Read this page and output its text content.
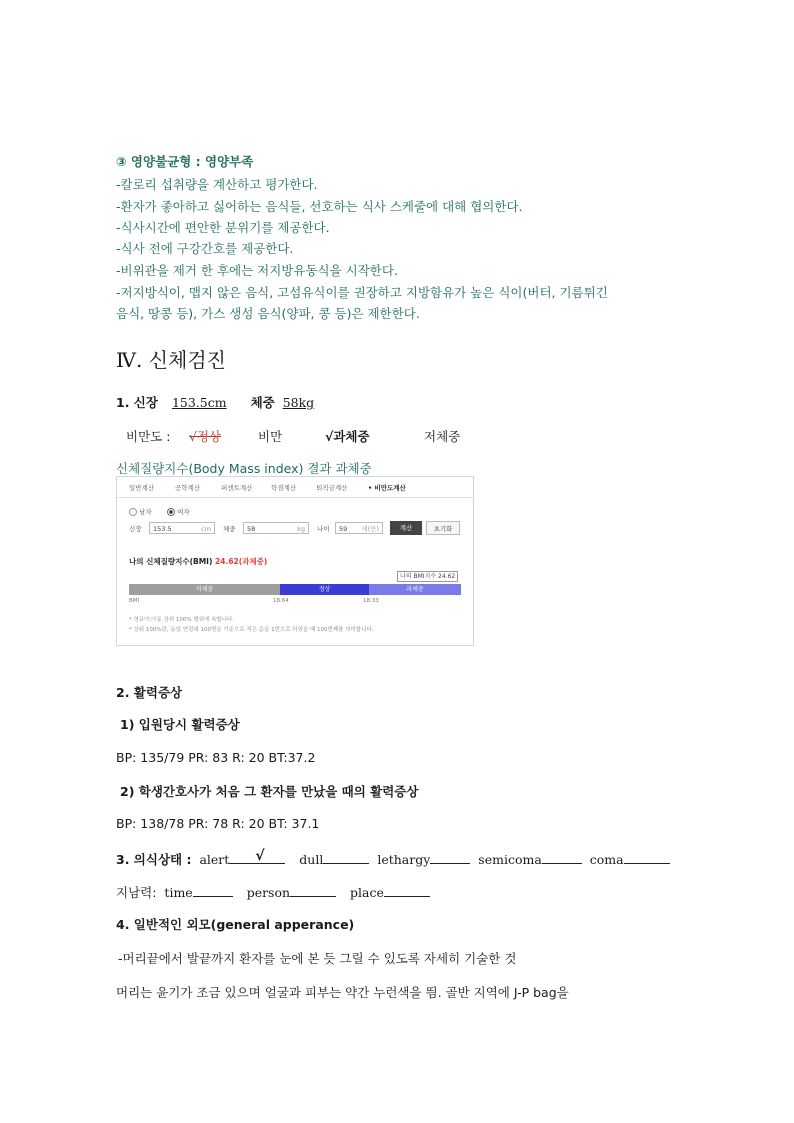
③ 영양불균형 : 영양부족
-칼로리 섭취량을 계산하고 평가한다.
-환자가 좋아하고 싫어하는 음식들, 선호하는 식사 스케줄에 대해 협의한다.
-식사시간에 편안한 분위기를 제공한다.
-식사 전에 구강간호를 제공한다.
-비위관을 제거 한 후에는 저지방유동식을 시작한다.
-저지방식이, 맵지 않은 음식, 고섬유식이를 권장하고 지방함유가 높은 식이(버터, 기름튀긴
음식, 땅콩 등), 가스 생성 음식(양파, 콩 등)은 제한한다.
Ⅳ. 신체검진
1. 신장 153.5cm 체중 58kg
비만도 : √정상	비만	√과체중	저체중
신체질량지수(Body Mass index) 결과 과체중
일반계산	공학계산	퍼센트계산	학점계산	퇴직금계산	• 비만도계산
남자	여자
신장	153.5	cm 체중	58	kg 나이	59 세(만)	계산	초기화
나의 신체질량지수(BMI) 24.62(과체중)
나의 BMI지수 24.62
저체중	정상	과체중
BMI	18.64	18.33
* 영유아,아동 상위 100% 범위에 속합니다.
* 상위 100%란, 동일 연령대 100명을 기준으로 적은 순을 1번으로 하였을 때 100번째를 의미합니다.
2. 활력증상
1) 입원당시 활력증상
BP: 135/79 PR: 83 R: 20 BT:37.2
2) 학생간호사가 처음 그 환자를 만났을 때의 활력증상
BP: 138/78 PR: 78 R: 20 BT: 37.1
3. 의식상태 : alert √	dull	lethargy	semicoma	coma
지남력: time	person	place
4. 일반적인 외모(general apperance)
-머리끝에서 발끝까지 환자를 눈에 본 듯 그릴 수 있도록 자세히 기술한 것
머리는 윤기가 조금 있으며 얼굴과 피부는 약간 누런색을 띔. 골반 지역에 J-P bag을
